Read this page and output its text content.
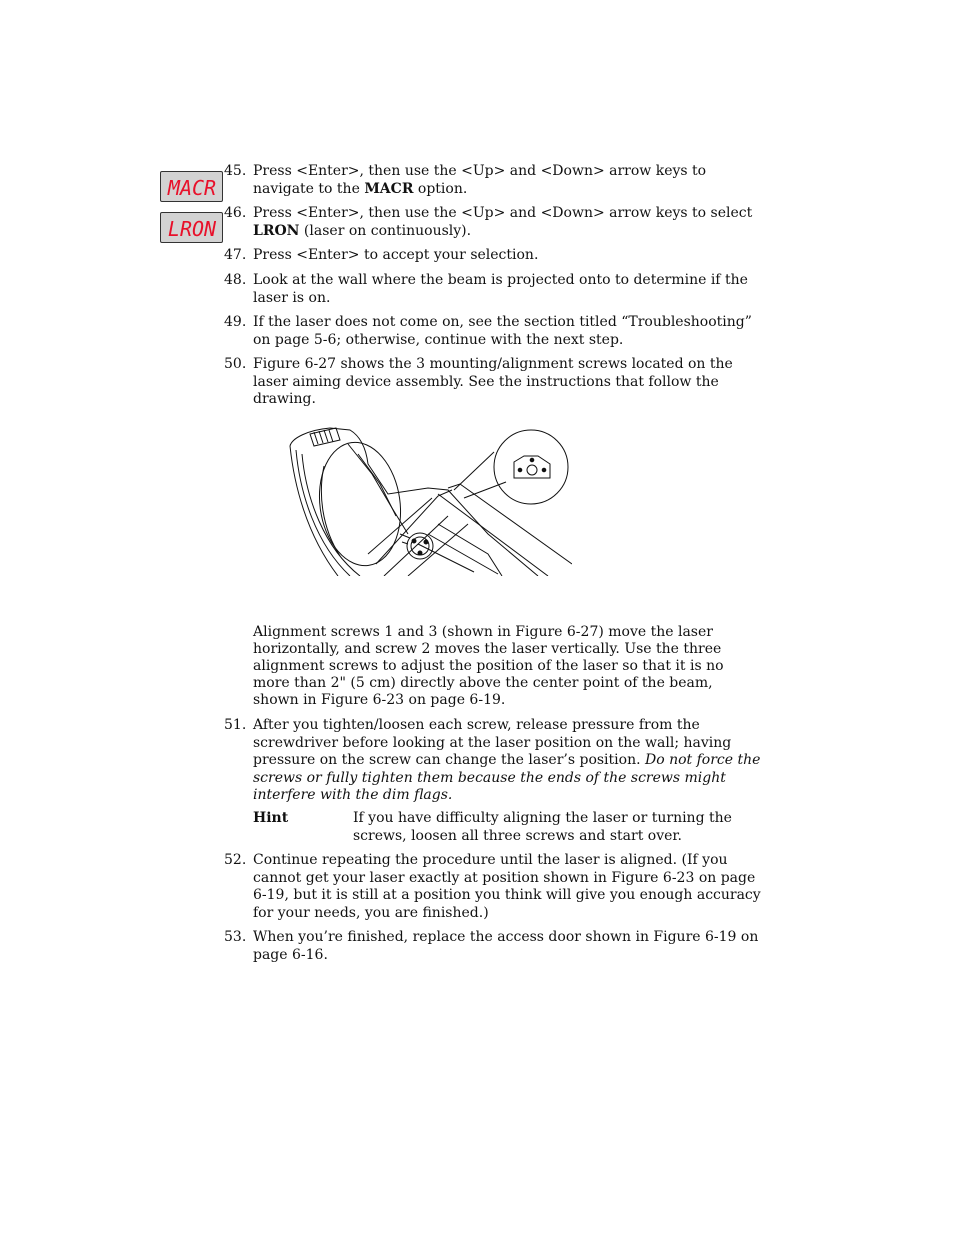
MACR
LRON
45. Press <Enter>, then use the <Up> and <Down> arrow keys to navigate to the MACR option.
46. Press <Enter>, then use the <Up> and <Down> arrow keys to select LRON (laser on continuously).
47. Press <Enter> to accept your selection.
48. Look at the wall where the beam is projected onto to determine if the laser is on.
49. If the laser does not come on, see the section titled “Troubleshooting” on page 5-6; otherwise, continue with the next step.
50. Figure 6-27 shows the 3 mounting/alignment screws located on the laser aiming device assembly. See the instructions that follow the drawing.
Alignment screws 1 and 3 (shown in Figure 6-27) move the laser horizontally, and screw 2 moves the laser vertically. Use the three alignment screws to adjust the position of the laser so that it is no more than 2" (5 cm) directly above the center point of the beam, shown in Figure 6-23 on page 6-19.
51. After you tighten/loosen each screw, release pressure from the screwdriver before looking at the laser position on the wall; having pressure on the screw can change the laser’s position. Do not force the screws or fully tighten them because the ends of the screws might interfere with the dim flags.
Hint	If you have difficulty aligning the laser or turning the screws, loosen all three screws and start over.
52. Continue repeating the procedure until the laser is aligned. (If you cannot get your laser exactly at position shown in Figure 6-23 on page 6-19, but it is still at a position you think will give you enough accuracy for your needs, you are finished.)
53. When you’re finished, replace the access door shown in Figure 6-19 on page 6-16.
